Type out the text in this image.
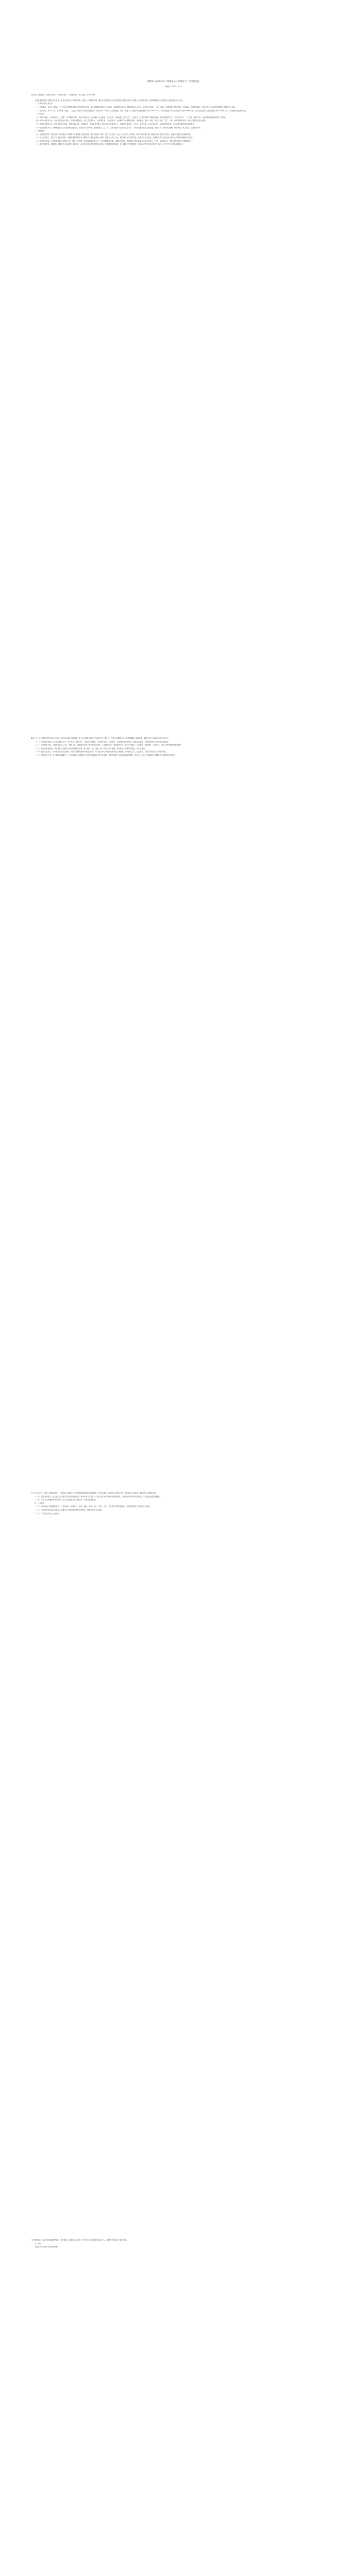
潍坊市人民政府关于加强基层公共服务平台建设的意见

潍政发〔2013〕25号

各县市区人民政府，市属各开发区，市政府各部门、各直属机构，各大企业，各高等院校：

为加快推进基层公共服务平台建设，健全完善基本公共服务体系，根据《中共潍坊市委、潍坊市人民政府关于加快推进社会建设的意见》精神，结合我市实际，现就加强基层公共服务平台建设提出如下意见：

一、总体要求和主要目标

（一）总体要求。以邓小平理论、“三个代表”重要思想和科学发展观为指导，深入贯彻落实党的十八大精神，以满足群众基本公共服务需求为出发点，以乡镇（街道）、社区为重点，统筹规划，整合资源，完善功能，构建覆盖城乡、功能完善、运转高效的基层公共服务平台体系。

（二）主要目标。到2015年，全市乡镇（街道）、社区公共服务中心建设全面达标，基本形成“15分钟”公共服务圈。乡镇（街道）公共服务中心建筑面积不低于500平方米，城市社区服务中心建筑面积不低于300平方米，农村社区服务中心建筑面积不低于500平方米，各项服务功能基本完善。

二、建设内容

（三）乡镇（街道）公共服务中心。按照“一站式服务”要求，整合劳动就业、社会保障、社会救助、计划生育、民政优抚、医疗卫生、文化体育、农业技术推广等服务资源，设立便民服务大厅，实行集中办公、一门受理、限时办结，为群众提供便捷高效的公共服务。

（四）城市社区服务中心。以社区居委会为依托，设置社区服务站、社区卫生服务站、社区警务室、文化活动室、日间照料中心等服务设施，开展就业、社保、救助、养老、助残、卫生、文化、治安等服务项目，推动公共服务向社区延伸。

（五）农村社区服务中心。结合农村社区建设，按照“地域相近、规模适度、设施共享”原则，建设农村社区服务中心，设置便民服务室、卫生室、农家书屋、文体活动场所、农资超市等设施，为农村居民提供就近便捷服务。

（六）信息化服务平台。加快推进基层公共服务信息化建设，依托电子政务网络，建设覆盖市、县、乡、社区四级的公共服务信息平台，实现各类服务信息互联互通、资源共享，推行网上受理、网上审批、网上查询，提高服务效率。

三、保障措施

（七）加强组织领导。各级各部门要把基层公共服务平台建设摆上重要位置，建立政府统一领导、部门分工负责、社会广泛参与的工作机制，制定具体实施方案，明确目标任务和工作责任，确保各项建设任务落到实处。

（八）加大资金投入。建立多元化投入机制，各级财政要将基层公共服务平台建设经费纳入预算，逐年加大投入力度。整合相关部门项目资金，集中用于平台建设。鼓励和引导社会资金参与基层公共服务设施建设和运营。

（九）加强队伍建设。合理配备基层公共服务人员，通过公开招聘、政府购买服务等方式，充实基层服务力量。加强业务培训，提高服务人员的政策水平和业务能力，打造一支素质优良、作风过硬的基层公共服务队伍。

（十）强化督导考核。将基层公共服务平台建设纳入各县市区、市直有关部门科学发展综合考核，定期开展督导检查，及时通报工作进展情况，对工作成效突出的单位给予表彰，对工作不力的进行通报批评。

服务大厅、社区服务站的日常运行经费，由县市区财政予以保障，每个社区服务站每年工作经费不低于1万元。各县市区要将社区工作者报酬纳入财政预算，确保不低于当地职工平均工资水平。

（十一）规范服务管理。建立健全服务公开、首问负责、限时办结、责任追究等制度，公开服务项目、办事程序、办理时限和收费标准，接受群众监督，不断提高服务质量和群众满意度。

（十二）完善服务功能。各级要坚持以人为本、服务为先，根据群众需求不断拓展服务领域，丰富服务内容，创新服务方式，推行代办服务、上门服务、预约服务，为老年人、残疾人等特殊群体提供便利。

（十三）推进标准化建设。制定基层公共服务平台建设和服务标准，统一标识、统一设施、统一制度、统一流程，推动基层公共服务规范化、标准化发展。

（十四）鼓励社会参与。培育发展社区社会组织，支持志愿服务组织开展社区服务，引导驻区单位向社区居民开放文体设施，形成政府主导、社会参与、共建共享的基层公共服务格局。

（十五）加强宣传引导。充分利用各类媒体，广泛宣传基层公共服务平台建设的重要意义和工作成效，及时总结推广先进经验和典型做法，营造全社会关心支持基层公共服务平台建设的良好氛围。

人才与社会产业、基本公共服务的统一，使基层公共服务平台成为联系服务群众的重要阵地，加快形成统一高效的公共服务体系，更好满足人民群众日益增长的公共服务需求。

（十六）加强考核评估。建立基层公共服务平台建设评估体系，每年开展一次评估，评估结果作为评先树优的重要依据，对达到标准的给予奖励补助，对未达标准的限期整改。

（十七）各县市区要根据本意见精神，结合实际制定具体实施办法，并报市政府备案。

四、工作要求

（十八）各级各部门要按照职责分工，密切协作，形成合力。组织、编制、财政、人社、民政、卫生、文化等部门要加强配合，共同推进基层公共服务平台建设。

（十九）市政府将对各县市区基层公共服务平台建设情况进行专项督查，督查结果在全市通报。

（二十）本意见自印发之日起施行。

工作经费补助，由县市区财政统筹解决。对在基层公共服务平台建设工作中作出突出贡献的单位和个人，按照有关规定给予表彰奖励。

五、附则

本意见由市政府办公室负责解释。
